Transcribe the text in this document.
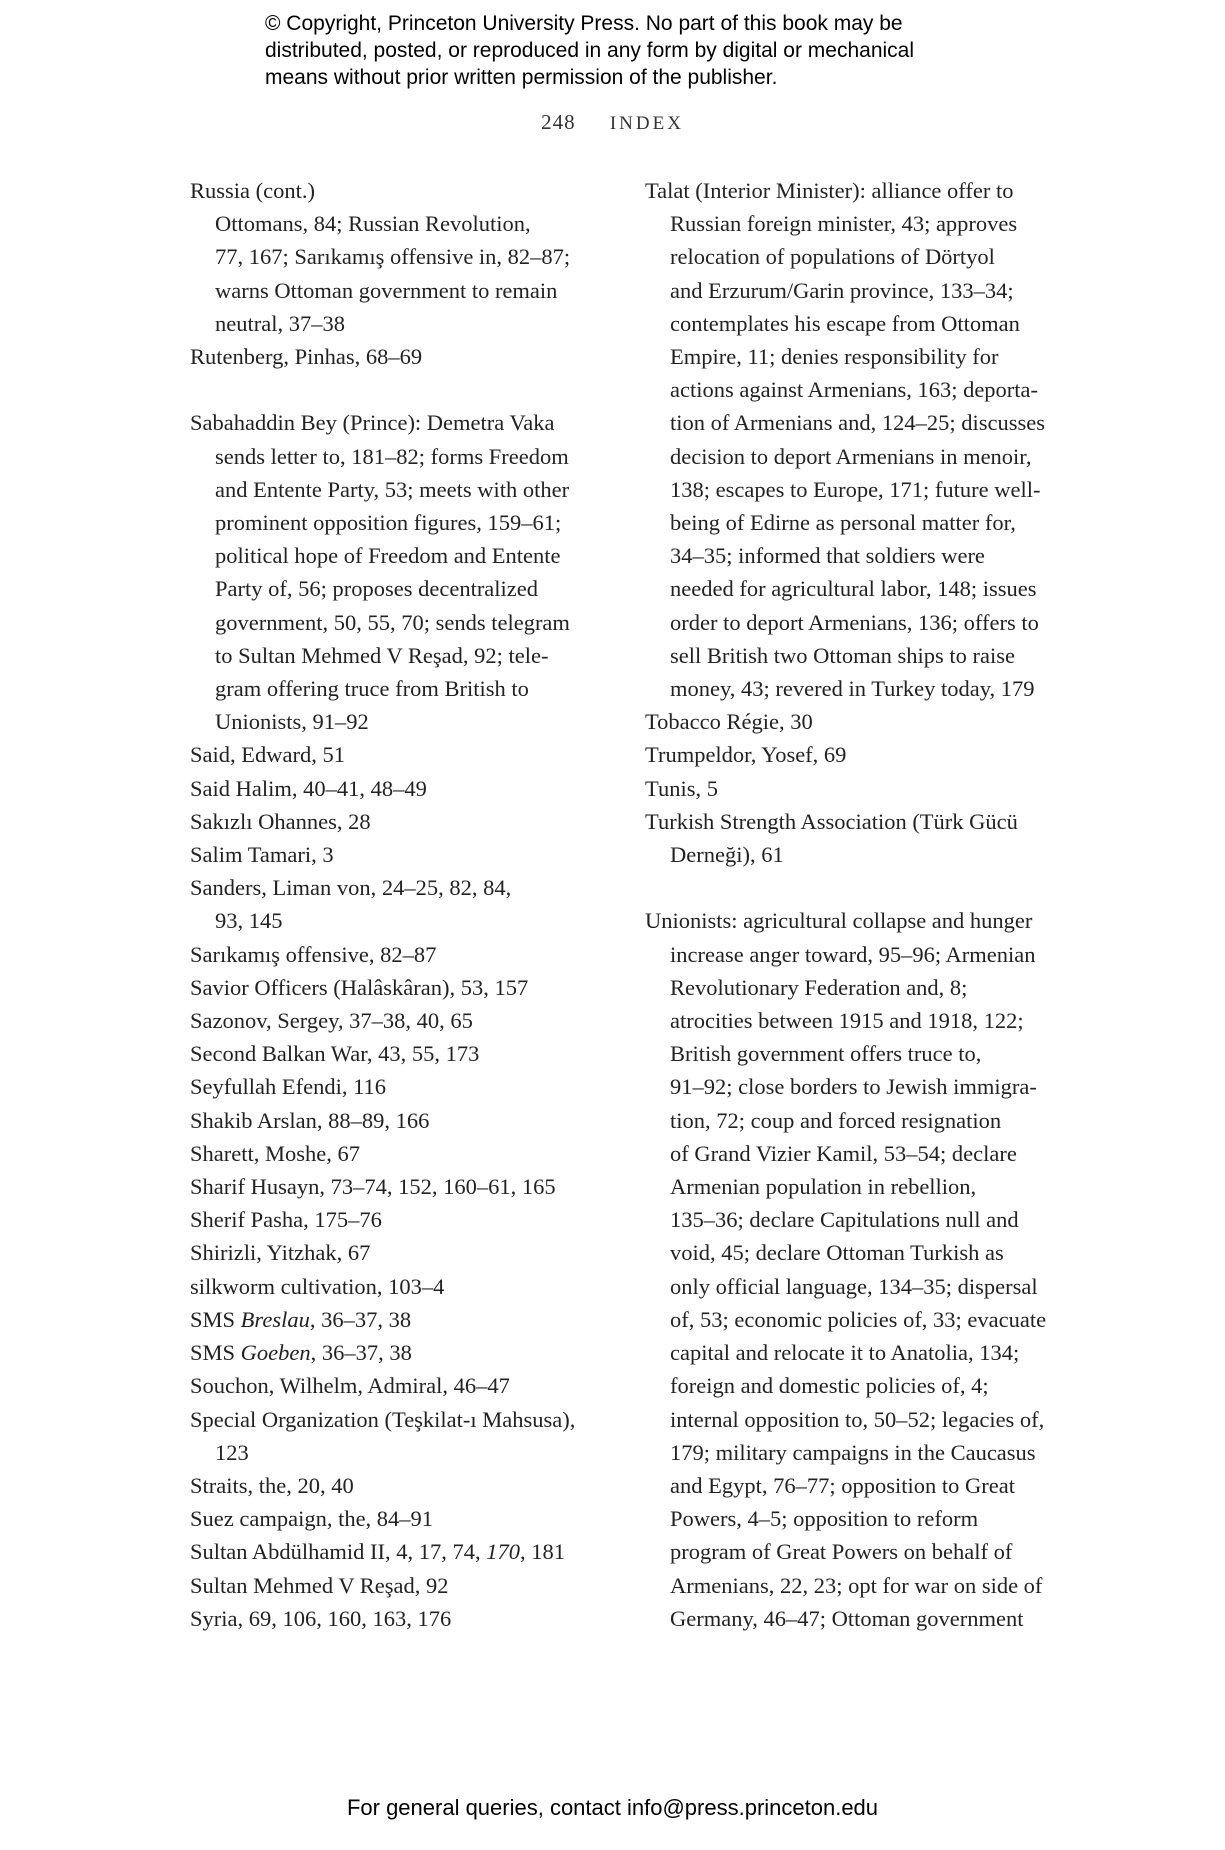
© Copyright, Princeton University Press. No part of this book may be
distributed, posted, or reproduced in any form by digital or mechanical
means without prior written permission of the publisher.
248 INDEX
Russia (cont.)
Ottomans, 84; Russian Revolution,
77, 167; Sarıkamış offensive in, 82–87;
warns Ottoman government to remain
neutral, 37–38
Rutenberg, Pinhas, 68–69
Sabahaddin Bey (Prince): Demetra Vaka
sends letter to, 181–82; forms Freedom
and Entente Party, 53; meets with other
prominent opposition figures, 159–61;
political hope of Freedom and Entente
Party of, 56; proposes decentralized
government, 50, 55, 70; sends telegram
to Sultan Mehmed V Reşad, 92; tele-
gram offering truce from British to
Unionists, 91–92
Said, Edward, 51
Said Halim, 40–41, 48–49
Sakızlı Ohannes, 28
Salim Tamari, 3
Sanders, Liman von, 24–25, 82, 84,
93, 145
Sarıkamış offensive, 82–87
Savior Officers (Halâskâran), 53, 157
Sazonov, Sergey, 37–38, 40, 65
Second Balkan War, 43, 55, 173
Seyfullah Efendi, 116
Shakib Arslan, 88–89, 166
Sharett, Moshe, 67
Sharif Husayn, 73–74, 152, 160–61, 165
Sherif Pasha, 175–76
Shirizli, Yitzhak, 67
silkworm cultivation, 103–4
SMS Breslau, 36–37, 38
SMS Goeben, 36–37, 38
Souchon, Wilhelm, Admiral, 46–47
Special Organization (Teşkilat-ı Mahsusa),
123
Straits, the, 20, 40
Suez campaign, the, 84–91
Sultan Abdülhamid II, 4, 17, 74, 170, 181
Sultan Mehmed V Reşad, 92
Syria, 69, 106, 160, 163, 176
Talat (Interior Minister): alliance offer to
Russian foreign minister, 43; approves
relocation of populations of Dörtyol
and Erzurum/Garin province, 133–34;
contemplates his escape from Ottoman
Empire, 11; denies responsibility for
actions against Armenians, 163; deporta-
tion of Armenians and, 124–25; discusses
decision to deport Armenians in menoir,
138; escapes to Europe, 171; future well-
being of Edirne as personal matter for,
34–35; informed that soldiers were
needed for agricultural labor, 148; issues
order to deport Armenians, 136; offers to
sell British two Ottoman ships to raise
money, 43; revered in Turkey today, 179
Tobacco Régie, 30
Trumpeldor, Yosef, 69
Tunis, 5
Turkish Strength Association (Türk Gücü
Derneği), 61
Unionists: agricultural collapse and hunger
increase anger toward, 95–96; Armenian
Revolutionary Federation and, 8;
atrocities between 1915 and 1918, 122;
British government offers truce to,
91–92; close borders to Jewish immigra-
tion, 72; coup and forced resignation
of Grand Vizier Kamil, 53–54; declare
Armenian population in rebellion,
135–36; declare Capitulations null and
void, 45; declare Ottoman Turkish as
only official language, 134–35; dispersal
of, 53; economic policies of, 33; evacuate
capital and relocate it to Anatolia, 134;
foreign and domestic policies of, 4;
internal opposition to, 50–52; legacies of,
179; military campaigns in the Caucasus
and Egypt, 76–77; opposition to Great
Powers, 4–5; opposition to reform
program of Great Powers on behalf of
Armenians, 22, 23; opt for war on side of
Germany, 46–47; Ottoman government
For general queries, contact info@press.princeton.edu
